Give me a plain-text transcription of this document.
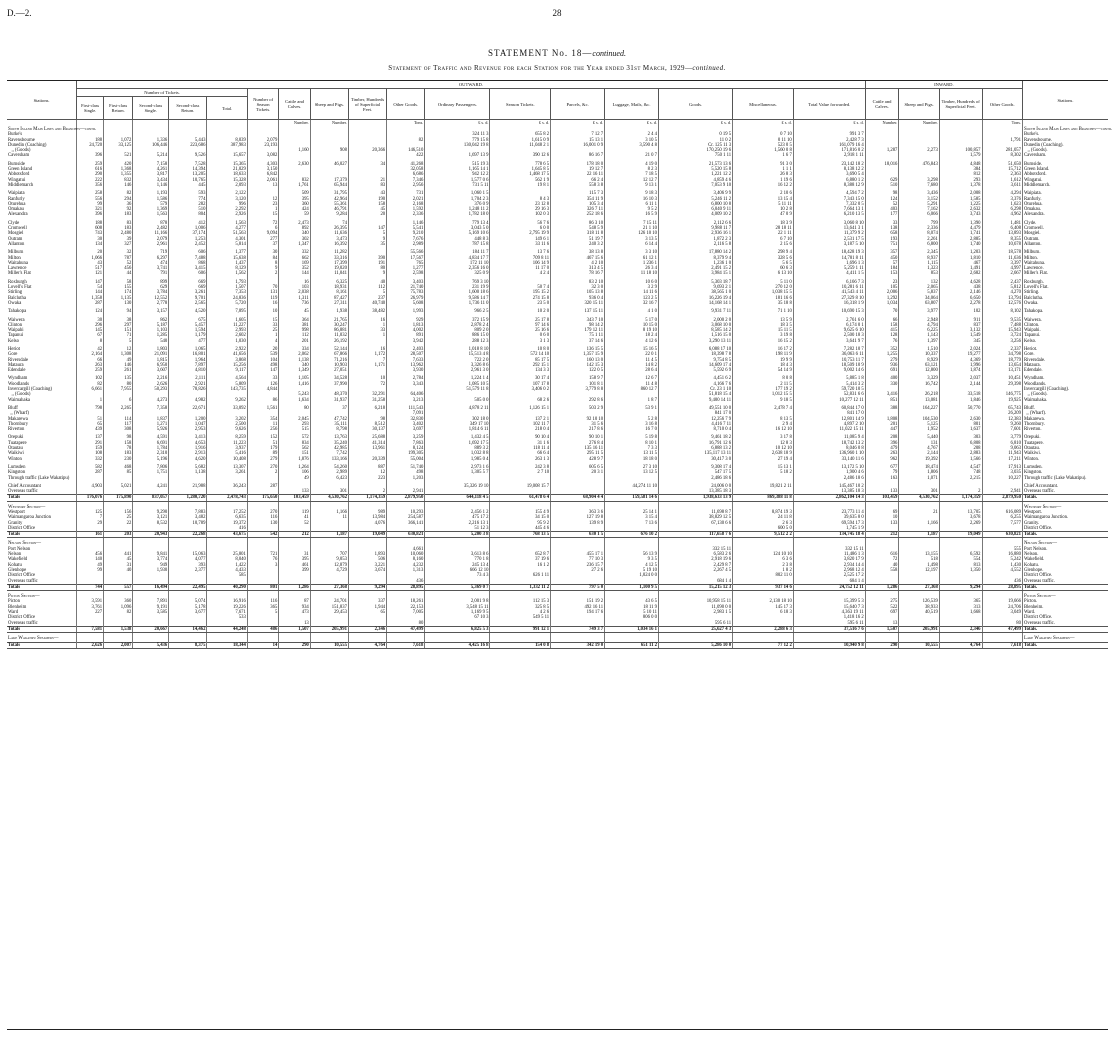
D.—2.	28
STATEMENT No. 18—continued.
Statement of Traffic and Revenue for each Station for the Year ended 31st March, 1929—continued.
Stations.	OUTWARD.																	INWARD.				Stations.
	Number of Tickets.					Number of Season Tickets.	Cattle and Calves.	Sheep and Pigs.	Timber, Hundreds of Superficial Feet.	Other Goods.	Ordinary Passengers.	Season Tickets.	Parcels, &c.	Luggage, Mails, &c.	Goods.	Miscellaneous.	Total Value forwarded.	Cattle and Calves.	Sheep and Pigs.	Timber, Hundreds of Superficial Feet.	Other Goods.	
	First-class Single.	First-class Return.	Second-class Single.	Second-class Return.	Total.																	
							Number.	Number.		Tons.	£ s. d.	£ s. d.	£ s. d.	£ s. d.	£ s. d.	£ s. d.	£ s. d.	Number.	Number.		Tons.	
South Island Main Lines and Branches—contd.																						South Island Main Lines and Branches—contd.
Burke's											324 11 3	655 8 2	7 12 7	2 4 4	0 19 5	0 7 10	991 3 7					Burke's.
Ravensbourne	188	1,072	1,336	5,443	8,039	2,079				82	779 15 8	1,615 0 9	15 13 1	3 10 5	11 0 2	0 11 10	2,428 7 3				1,791	Ravensbourne.
Dunedin (Coaching)	24,720	33,125	106,446	223,686	387,983	23,193					130,042 19 8	11,048 2 1	16,001 0 9	3,590 4 8	Cr. 125 11 3	523 0 5	161,079 16 4					Dunedin (Coaching).
,, (Goods)							1,160	908	20,366	146,510					170,250 19 6	1,560 0 8	171,816 0 2	1,287	2,273	100,857	281,057	,, (Goods).
Caversham	396	521	5,214	9,526	15,657	3,082				422	1,697 13 9	390 12 6	86 16 7	21 0 7	750 1 11	1 6 7	2,918 1 11			1,579	8,302	Caversham.

Burnside	259	420	7,158	7,528	15,365	4,303	2,630	46,027	34	41,268	515 19 3	778 6 5	178 18 0	4 19 0	21,573 13 6	91 3 0	23,142 18 2	18,016	476,843	4,848	51,650	Burnside.
Green Island	616	1,368	4,261	14,394	21,029	3,150				32,058	1,165 14 1	1,645 8 5	19 12 7	8 2 3	5,520 15 8	1 1 1	8,138 12 2			384	15,712	Green Island.
Abbotsford	290	1,355	3,817	13,205	18,633	6,842				6,686	942 12 2	1,468 17 5	22 16 11	7 18 5	1,221 12 2	26 8 3	3,690 5 4			812	2,363	Abbotsford.
Wingatui	222	832	3,434	10,765	15,328	2,061	832	17,379	21	7,346	1,577 0 6	562 1 9	66 2 4	12 12 7	4,859 4 6	1 19 6	6,880 1 2	629	3,298	293	1,612	Wingatui.
Middlemarch	356	146	1,146	445	2,093	13	1,761	65,944	83	2,956	731 5 11	19 8 1	558 3 8	9 13 1	7,053 9 10	16 12 2	8,388 12 9	510	7,680	1,378	3,611	Middlemarch.

Waipiata	258	82	1,193	593	2,122		509	31,795	43	731	1,060 1 5		115 7 3	9 18 3	3,406 9 9	2 10 6	4,594 7 2	98	3,436	2,008	4,294	Waipiata.
Ranfurly	556	294	1,586	774	3,120	12	395	42,964	190	2,021	1,704 2 3	8 4 3	354 11 9	16 10 3	5,246 11 2	13 15 4	7,343 15 0	124	3,152	1,585	3,376	Ranfurly.
Oturehua	99	36	579	282	996	23	360	55,361	158	2,168	376 0 9	23 12 8	105 3 4	6 11 1	6,800 10 8	5 11 11	7,332 0 5	52	5,291	1,225	1,623	Oturehua.
Omakau	321	92	1,369	510	2,292	1	424	46,791	45	1,592	1,248 11 2	29 16 3	326 7 11	9 5 2	6,040 9 11	10 2 8	7,664 13 1	403	7,162	2,632	6,298	Omakau.
Alexandra	396	183	1,563	804	2,926	15	59	9,284	20	2,336	1,782 18 0	102 0 3	252 18 6	16 5 9	4,009 10 2	47 0 9	6,210 13 5	177	6,066	3,743	4,962	Alexandra.

Clyde	188	83	878	412	1,563	72	2,473	74		1,146	779 13 4	56 7 6	86 3 10	7 15 11	2,112 6 6	18 3 9	3,060 8 10	33	799	1,390	1,481	Clyde.
Cromwell	608	183	2,482	1,006	4,277	6	892	26,395	147	5,541	3,043 5 0	6 0 0	548 5 9	21 1 10	9,988 11 7	28 18 11	13,641 3 1	138	2,336	4,479	6,408	Cromwell.
Mosgiel	743	2,480	11,166	37,174	51,563	9,094	340	11,636	5	9,210	5,169 10 6	2,795 19 9	318 11 8	126 10 10	2,936 16 1	22 1 11	11,379 9 2	658	8,074	1,741	13,893	Mosgiel.
Outram	30	39	2,079	1,253	4,301	277	302	3,473	9	7,676	448 8 3	149 6 1	51 19 7	3 13 5	1,872 2 3	6 7 10	2,531 17 5	193	2,261	2,885	8,355	Outram.
Allanton	134	327	2,961	2,452	5,814	37	1,347	16,392	35	2,989	787 15 8	33 11 6	240 3 2	6 14 4	2,116 5 8	2 15 6	3,187 5 10	751	6,800	1,740	10,678	Allanton.

Milburn	20	32	719	606	1,377	30	332	11,282		55,566	184 11 7	13 7 6	38 13 8	3 3 10	17,880 14 2	298 9 4	18,428 19 3	357	2,345	1,203	18,578	Milburn.
Milton	1,066	787	6,297	7,488	15,638	84	662	33,316	390	17,567	4,834 17 7	709 8 11	467 15 6	61 12 1	8,379 9 4	328 5 6	14,781 8 11	450	8,937	1,810	11,636	Milton.
Waitahuna	43	52	474	868	1,437	8	169	17,399	191	765	172 11 10	106 14 9	4 2 10	1 236 1	1,236 1 0	5 6 5	1,696 1 3	57	1,115	467	3,397	Waitahuna.
Lawrence	517	456	3,741	3,415	8,129	9	352	19,020	80	1,277	2,356 16 0	11 17 0	313 4 5	26 3 4	2,491 15 2	60 6 3	5,259 1 11	184	1,323	1,491	4,997	Lawrence.
Miller's Flat	121	44	791	606	1,562	2	144	11,041	9	2,598	325 0 9	4 2 4	78 16 7	11 18 10	3,984 15 1	6 13 10	4,411 1 5	153	853	2,682	2,667	Miller's Flat.

Roxburgh	147	58	899	669	1,793		16	6,325	40	3,403	769 3 10		83 2 10	10 6 0	5,303 18 7	5 11 0	6,166 7 3	23	132	4,628	2,437	Roxburgh.
Lovell's Flat	54	155	629	669	1,507	70	103	18,931	112	21,740	231 19 9	50 7 4	32 3 0	3 2 9	9,693 2 1	270 12 0	10,281 6 11	105	2,065	438	5,812	Lovell's Flat.
Stirling	144	174	3,784	3,261	7,353	131	2,038	8,161	5	75,783	1,600 18 6	195 15 2	105 13 8	14 11 6	38,565 1 0	1,038 15 5	41,543 4 11	2,006	5,837	2,146	4,270	Stirling.
Balclutha	1,358	1,135	12,552	9,701	24,836	119	1,311	87,427	237	26,979	9,586 14 7	274 15 8	936 0 4	123 2 5	16,226 19 4	181 16 6	27,329 8 10	1,292	34,064	6,650	13,794	Balclutha.
Owaka	287	130	2,778	2,565	5,720	16	736	27,311	40,740	5,608	1,736 11 0	23 5 0	320 15 11	32 16 7	14,168 14 1	35 18 8	16,318 1 9	1,034	63,807	2,278	12,576	Owaka.

Tahakopa	124	94	3,157	4,520	7,895	10	45	1,938	38,482	1,993	966 2 5	10 2 0	137 15 11	4 1 0	9,931 7 11	71 1 10	10,690 15 3	70	3,977	102	8,102	Tahakopa.

Waiwera	30	38	862	675	1,605	15	364	21,765	16	929	372 15 9	25 17 8	343 7 10	5 17 0	2,000 2 0	13 5 9	2,761 6 0	66	2,948	911	9,535	Waiwera.
Clinton	296	297	5,187	5,457	11,227	33	381	30,247	1	1,813	2,878 2 4	97 14 6	98 14 2	10 15 0	3,068 10 0	18 3 5	6,174 0 1	158	4,794	837	7,488	Clinton.
Waipahi	145	151	1,103	1,594	2,993	25	998	86,881	33	4,002	809 2 0	25 16 6	179 12 11	8 19 10	8,585 14 2	15 11 5	9,625 6 10	415	6,225	3,132	15,943	Waipahi.
Tapanui	67	71	1,285	1,179	2,602	1	112	11,032	1	891	886 15 0	0 6 0	75 1 11	18 2 4	1,516 15 0	3 19 8	2,500 18 3	128	1,143	1,549	3,724	Tapanui.
Kelso	8	5	540	477	1,030	4	201	26,192		3,942	288 12 3	3 1 3	37 14 6	4 12 6	3,290 13 11	16 15 2	3,641 9 7	76	1,397	345	3,256	Kelso.

Heriot	42	12	1,803	1,065	2,922	20	334	52,144	16	2,403	1,018 8 10	10 8 0	136 15 5	15 16 5	6,088 17 10	16 17 2	7,282 10 7	352	1,510	2,024	2,337	Heriot.
Gore	2,164	1,308	21,091	16,801	41,656	539	2,062	67,866	1,172	28,507	15,513 4 8	572 14 10	1,357 15 9	22 0 1	18,398 7 8	198 11 9	36,063 6 11	1,255	10,337	19,277	34,798	Gore.
Riversdale	66	49	1,815	1,964	3,868	104	1,138	71,216	7	7,633	722 2 0	85 17 5	160 13 0	11 4 5	9,754 8 5	19 9 9	10,753 11 7	279	8,929	4,369	18,779	Riversdale.
Mataura	263	146	6,950	7,897	15,256	498	340	10,903	1,171	13,962	3,326 8 6	292 15 1	142 15 3	14 8 2	14,609 17 4	18 4 3	18,509 10 9	936	63,121	1,996	13,654	Mataura.
Edendale	259	261	3,607	4,810	9,117	147	1,349	27,051		3,930	2,961 3 0	134 3 3	122 0 5	28 6 4	5,592 6 9	54 14 9	9,002 14 6	691	12,800	1,874	13,171	Edendale.

Wyndham	102	135	2,216	2,111	4,564	33	1,105	34,528	10	2,784	1,224 1 4	30 17 4	158 9 7	12 6 7	4,451 6 2	8 0 8	5,885 1 8	400	3,329	2,037	10,451	Wyndham.
Woodlands	82	80	2,626	2,921	5,809	126	1,416	37,990	72	3,343	1,085 10 5	107 17 8	101 8 1	11 4 8	4,166 7 6	2 11 5	5,414 3 2	330	16,742	2,144	29,398	Woodlands.
Invercargill (Coaching)	6,661	7,955	50,293	78,826	143,735	4,844					51,579 11 8	3,406 0 2	3,779 8 8	860 12 7	Cr. 23 1 10	177 19 2	59,720 10 5					Invercargill (Coaching).
,, (Goods)							5,243	48,370	32,291	64,406					51,818 15 4	1,012 15 5	52,831 6 6	3,416	26,218	33,518	146,775	,, (Goods).
Waimahaka	1	6	4,273	4,982	9,262	86	1,634	31,937	31,258	3,213	505 0 0	68 2 6	292 8 6	1 8 7	9,400 14 11	9 18 5	10,277 12 11	851	13,081	1,846	19,925	Waimahaka.

Bluff	798	2,265	7,358	22,671	33,092	1,561	80	37	6,218	111,543	4,878 2 11	1,126 15 1	503 2 9	53 9 1	49,551 10 0	2,478 7 4	60,844 17 0	388	164,227	50,770	65,743	Bluff.
,, (Wharf)										7,091					841 17 0		841 17 0				26,209	,, (Wharf).
Makarewa	51	114	1,837	1,200	3,202	354	2,045	47,742	98	32,830	302 18 0	137 2 1	92 10 10	5 2 8	12,256 7 9	8 13 5	12,801 14 9	1,808	104,530	2,630	12,383	Makarewa.
Thornbury	65	117	1,271	1,047	2,500	11	293	35,111	8,512	3,402	349 17 10	102 11 7	31 5 6	3 16 8	4,416 7 11	2 9 4	4,897 2 10	201	5,125	801	9,260	Thornbury.
Riverton	439	308	5,926	2,953	9,626	256	515	8,798	30,137	3,697	1,814 6 11	218 0 4	217 8 6	16 7 0	8,710 0 4	16 12 10	11,022 15 11	447	1,952	1,637	7,601	Riverton.

Orepuki	137	98	4,591	3,413	8,259	152	572	13,763	25,688	3,259	1,432 4 5	90 10 4	90 10 1	5 19 8	9,461 18 2	3 17 8	11,085 9 4	208	5,440	303	3,779	Orepuki.
Tuatapere	291	158	6,691	4,653	11,223	51	834	35,240	41,314	7,863	1,692 17 5	31 1 6	276 8 4	8 10 1	16,791 12 6	12 8 3	18,742 13 2	396	131	6,808	6,810	Tuatapere.
Otautau	159	78	1,784	1,916	3,937	179	562	42,985	13,961	8,124	889 3 2	118 11 4	135 16 11	7 3 3	6,888 13 2	10 12 10	8,046 0 8	479	4,767	208	9,063	Otautau.
Waikiwi	108	183	2,310	2,913	5,416	89	151	7,742		199,305	1,032 8 8	66 6 4	295 11 5	13 11 5	135,117 13 11	2,638 18 9	136,960 1 10	263	2,144	2,883	11,943	Waikiwi.
Winton	332	230	5,196	4,620	10,408	279	1,876	133,166	20,339	55,004	1,985 0 4	263 1 3	428 9 7	18 18 0	30,417 3 0	27 19 4	33,140 11 6	962	19,392	1,566	17,211	Winton.

Lumsden	582	468	7,806	5,682	13,307	270	1,264	54,260	887	51,740	2,973 1 6	242 3 8	605 6 5	27 3 10	9,308 17 4	15 13 1	13,172 5 10	677	18,474	4,547	17,913	Lumsden.
Kingston	287	85	1,751	1,138	3,261	2	106	2,989	12	498	1,305 5 7	2 7 10	20 3 1	13 12 5	547 17 5	5 18 2	1,900 4 6	79	1,806	748	3,035	Kingston.
Through traffic (Lake Wakatipu)							49	6,423	223	1,203					2,486 18 6		2,486 18 6	163	1,071	2,215	10,227	Through traffic (Lake Wakatipu).

Chief Accountant	4,903	5,021	4,241	21,988	36,243	287					35,326 19 10	19,008 15 7		44,274 11 10	24,006 0 0	19,821 2 11	145,467 10 2					Chief Accountant.
Overseas traffic							133	301	2	2,941					13,385 18 3		13,385 18 3	133	301	2	2,941	Overseas traffic.
Totals	176,076	175,890	837,057	1,280,720	2,478,743	175,650	103,459	4,530,762	1,174,359	2,879,950	644,118 4 5	61,478 6 4	68,904 4 4	159,581 14 6	1,938,633 13 9	869,388 11 8	2,862,104 14 3	103,459	4,530,762	1,174,359	2,879,950	Totals.

Westport Section—																						Westport Section—
Westport	125	156	9,290	7,883	17,252	270	119	1,166	989	10,293	2,456 1 2	155 4 9	363 3 6	25 14 1	11,698 8 7	8,874 19 3	23,773 11 4	69	21	13,705	616,089	Westport.
Waimangaroa Junction	7	25	3,121	3,482	6,635	116	41	11	13,984	254,587	475 17 2	34 15 0	127 19 8	3 15 4	38,829 12 5	24 11 8	39,635 8 0	10		3,678	6,255	Waimangaroa Junction.
Granity	29	22	8,532	10,789	19,372	130	52		4,076	366,141	2,216 13 1	95 9 2	139 8 9	7 13 6	67,130 6 6	2 6 3	69,594 17 3	133	1,166	2,269	7,577	Granity.
District Office					416						51 12 3	445 4 6				600 5 0	1,745 1 9					District Office.
Totals	161	203	20,943	22,268	43,675	542	212	1,187	19,049	630,821	5,200 3 8	768 13 5	630 1 5	676 10 2	117,658 7 6	9,512 2 2	134,745 18 4	212	1,187	19,049	630,821	Totals.

Nelson Section—																						Nelson Section—
Port Nelson										4,661					332 15 11		332 15 11				555	Port Nelson.
Nelson	456	441	9,841	15,063	25,801	721	31	707	1,893	10,060	3,613 8 6	652 8 7	455 17 1	56 13 9	6,583 2 6	124 10 10	11,486 1 3	616	13,155	6,592	16,880	Nelson.
Wakefield	140	45	3,774	4,077	8,040	76	395	9,053	506	8,160	770 1 8	37 19 6	77 10 3	9 3 5	2,918 19 6	6 3 6	3,820 17 9	72	518	554	5,242	Wakefield.
Kohatu	49	31	949	393	1,422	3	461	12,879	3,221	4,232	245 13 4	16 1 2	236 15 7	4 12 5	2,429 8 7	2 3 8	2,934 14 4	40	1,498	813	1,430	Kohatu.
Glenhope	99	40	1,930	2,377	4,433		399	4,729	3,674	1,313	666 12 10		27 2 6	5 19 10	2,267 4 5	1 8 2	2,968 12 4	558	12,197	1,350	4,552	Glenhope.
District Office					585						73 4 3	626 1 11		1,024 0 0		802 11 0	2,525 17 2					District Office.
Overseas traffic										436					684 1 4		684 1 4				436	Overseas traffic.
Totals	744	557	16,494	22,495	40,290	801	1,286	27,368	9,294	28,895	5,369 0 7	1,332 11 2	797 5 0	1,100 9 5	15,215 12 3	937 14 6	24,752 12 11	1,286	27,368	9,294	28,895	Totals.

Picton Section—																						Picton Section—
Picton	3,591	360	7,891	5,074	16,916	116	87	24,701	337	18,261	2,001 9 8	112 15 3	151 19 2	43 6 5	10,958 15 11	2,130 18 10	15,399 5 3	275	126,539	365	19,666	Picton.
Blenheim	3,761	1,096	9,191	5,178	19,226	365	934	151,837	1,944	22,153	3,548 15 11	325 8 5	492 16 11	18 11 9	11,090 0 0	145 17 3	15,640 7 3	522	38,933	313	24,706	Blenheim.
Ward	227	82	3,585	3,677	7,671	5	473	29,453	65	7,005	1,169 9 5	4 2 6	194 17 6	5 10 11	2,983 1 5	6 18 3	4,363 19 11	697	40,519	1,668	3,049	Ward.
District Office					533						67 10 3	549 5 11		806 0 0			1,418 16 2					District Office.
Overseas traffic							13			80					595 6 11		595 6 11	13			80	Overseas traffic.
Totals	7,581	1,538	20,667	14,462	44,248	486	1,507	205,991	2,346	47,499	6,825 5 3	991 12 1	749 3 7	1,034 16 1	25,627 4 3	2,288 6 3	37,516 7 6	1,507	205,991	2,346	47,499	Totals.

Lake Wakatipu Steamers—																						Lake Wakatipu Steamers—
Totals	2,626	2,007	5,436	8,375	18,344	14	290	10,555	4,764	7,618	4,425 16 8	154 0 8	342 19 0	651 11 2	5,286 10 0	77 12 2	10,940 9 8	290	10,555	4,764	7,618	Totals.
